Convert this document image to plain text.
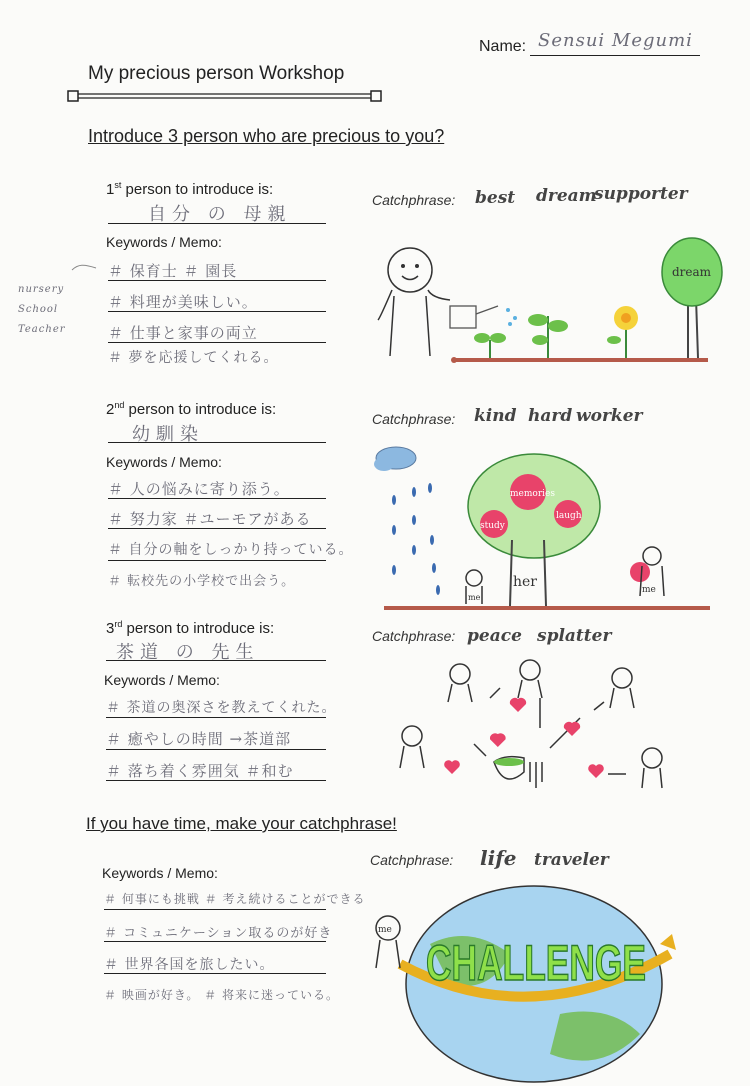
Name: Sensui Megumi
My precious person Workshop
Introduce 3 person who are precious to you?
1st person to introduce is:
自分 の 母親
Keywords / Memo:
＃ 保育士 ＃ 園長
＃ 料理が美味しい。
＃ 仕事と家事の両立
＃ 夢を応援してくれる。
nursery
School
Teacher
Catchphrase: best dream
supporter
dream
2nd person to introduce is:
幼馴染
Keywords / Memo:
＃ 人の悩みに寄り添う。
＃ 努力家 ＃ユーモアがある
＃ 自分の軸をしっかり持っている。
＃ 転校先の小学校で出会う。
Catchphrase: kind hard worker
memories
study
laugh
me
her	me
3rd person to introduce is:
茶道 の 先生
Keywords / Memo:
＃ 茶道の奥深さを教えてくれた。
＃ 癒やしの時間 →茶道部
＃ 落ち着く雰囲気 ＃和む
Catchphrase: peace splatter
If you have time, make your catchphrase!
Keywords / Memo:
＃ 何事にも挑戦 ＃ 考え続けることができる
＃ コミュニケーション取るのが好き
＃ 世界各国を旅したい。
＃ 映画が好き。 ＃ 将来に迷っている。
Catchphrase: life traveler
me
CHALLENGE
